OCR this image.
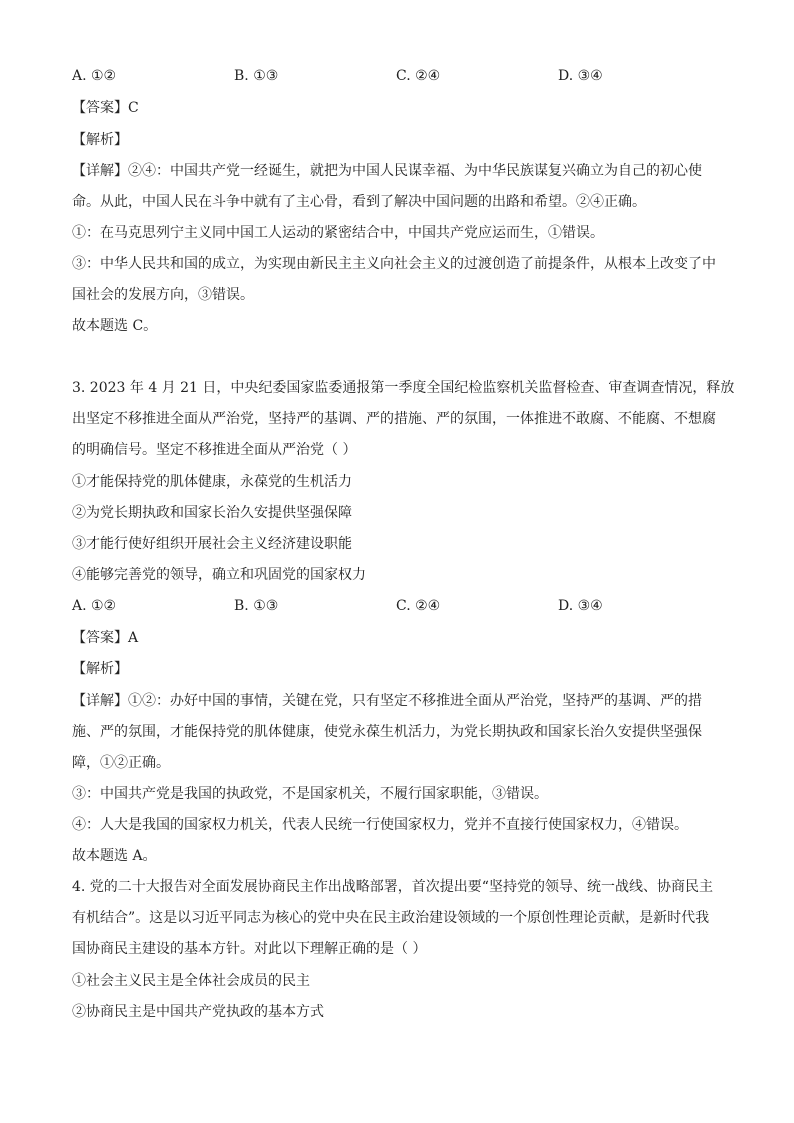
A. ①②	B. ①③	C. ②④	D. ③④
【答案】C
【解析】
【详解】②④：中国共产党一经诞生，就把为中国人民谋幸福、为中华民族谋复兴确立为自己的初心使
命。从此，中国人民在斗争中就有了主心骨，看到了解决中国问题的出路和希望。②④正确。
①：在马克思列宁主义同中国工人运动的紧密结合中，中国共产党应运而生，①错误。
③：中华人民共和国的成立，为实现由新民主主义向社会主义的过渡创造了前提条件，从根本上改变了中
国社会的发展方向，③错误。
故本题选 C。
3. 2023 年 4 月 21 日，中央纪委国家监委通报第一季度全国纪检监察机关监督检查、审查调查情况，释放
出坚定不移推进全面从严治党，坚持严的基调、严的措施、严的氛围，一体推进不敢腐、不能腐、不想腐
的明确信号。坚定不移推进全面从严治党（ ）
①才能保持党的肌体健康，永葆党的生机活力
②为党长期执政和国家长治久安提供坚强保障
③才能行使好组织开展社会主义经济建设职能
④能够完善党的领导，确立和巩固党的国家权力
A. ①②	B. ①③	C. ②④	D. ③④
【答案】A
【解析】
【详解】①②：办好中国的事情，关键在党，只有坚定不移推进全面从严治党，坚持严的基调、严的措
施、严的氛围，才能保持党的肌体健康，使党永葆生机活力，为党长期执政和国家长治久安提供坚强保
障，①②正确。
③：中国共产党是我国的执政党，不是国家机关，不履行国家职能，③错误。
④：人大是我国的国家权力机关，代表人民统一行使国家权力，党并不直接行使国家权力，④错误。
故本题选 A。
4. 党的二十大报告对全面发展协商民主作出战略部署，首次提出要“坚持党的领导、统一战线、协商民主
有机结合”。这是以习近平同志为核心的党中央在民主政治建设领域的一个原创性理论贡献，是新时代我
国协商民主建设的基本方针。对此以下理解正确的是（ ）
①社会主义民主是全体社会成员的民主
②协商民主是中国共产党执政的基本方式
